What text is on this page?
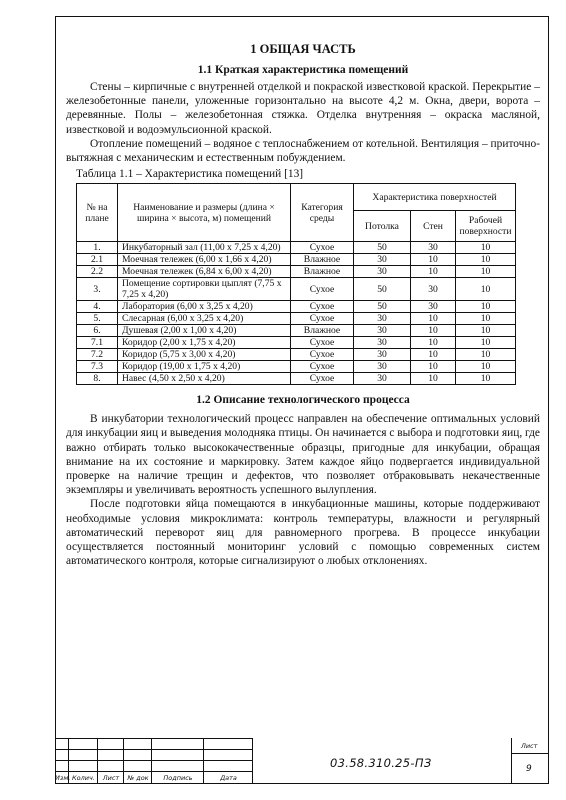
1 ОБЩАЯ ЧАСТЬ
1.1 Краткая характеристика помещений

Стены – кирпичные с внутренней отделкой и покраской известковой краской. Перекрытие – железобетонные панели, уложенные горизонтально на высоте 4,2 м. Окна, двери, ворота – деревянные. Полы – железобетонная стяжка. Отделка внутренняя – окраска масляной, известковой и водоэмульсионной краской.

Отопление помещений – водяное с теплоснабжением от котельной. Вентиляция – приточно-вытяжная с механическим и естественным побуждением.

Таблица 1.1 – Характеристика помещений [13]
№ на плане	Наименование и размеры (длина × ширина × высота, м) помещений	Категория среды	Характеристика поверхностей		
			Потолка	Стен	Рабочей поверхности
1.	Инкубаторный зал (11,00 х 7,25 х 4,20)	Сухое	50	30	10
2.1	Моечная тележек (6,00 х 1,66 х 4,20)	Влажное	30	10	10
2.2	Моечная тележек (6,84 х 6,00 х 4,20)	Влажное	30	10	10
3.	Помещение сортировки цыплят (7,75 х 7,25 х 4,20)	Сухое	50	30	10
4.	Лаборатория (6,00 х 3,25 х 4,20)	Сухое	50	30	10
5.	Слесарная (6,00 х 3,25 х 4,20)	Сухое	30	10	10
6.	Душевая (2,00 х 1,00 х 4,20)	Влажное	30	10	10
7.1	Коридор (2,00 х 1,75 х 4,20)	Сухое	30	10	10
7.2	Коридор (5,75 х 3,00 х 4,20)	Сухое	30	10	10
7.3	Коридор (19,00 х 1,75 х 4,20)	Сухое	30	10	10
8.	Навес (4,50 х 2,50 х 4,20)	Сухое	30	10	10
1.2 Описание технологического процесса

В инкубатории технологический процесс направлен на обеспечение оптимальных условий для инкубации яиц и выведения молодняка птицы. Он начинается с выбора и подготовки яиц, где важно отбирать только высококачественные образцы, пригодные для инкубации, обращая внимание на их состояние и маркировку. Затем каждое яйцо подвергается индивидуальной проверке на наличие трещин и дефектов, что позволяет отбраковывать некачественные экземпляры и увеличивать вероятность успешного вылупления.

После подготовки яйца помещаются в инкубационные машины, которые поддерживают необходимые условия микроклимата: контроль температуры, влажности и регулярный автоматический переворот яиц для равномерного прогрева. В процессе инкубации осуществляется постоянный мониторинг условий с помощью современных систем автоматического контроля, которые сигнализируют о любых отклонениях.

Изм. Колич.	Лист	№ док	Подпись	Дата
03.58.310.25-ПЗ
Лист
9
